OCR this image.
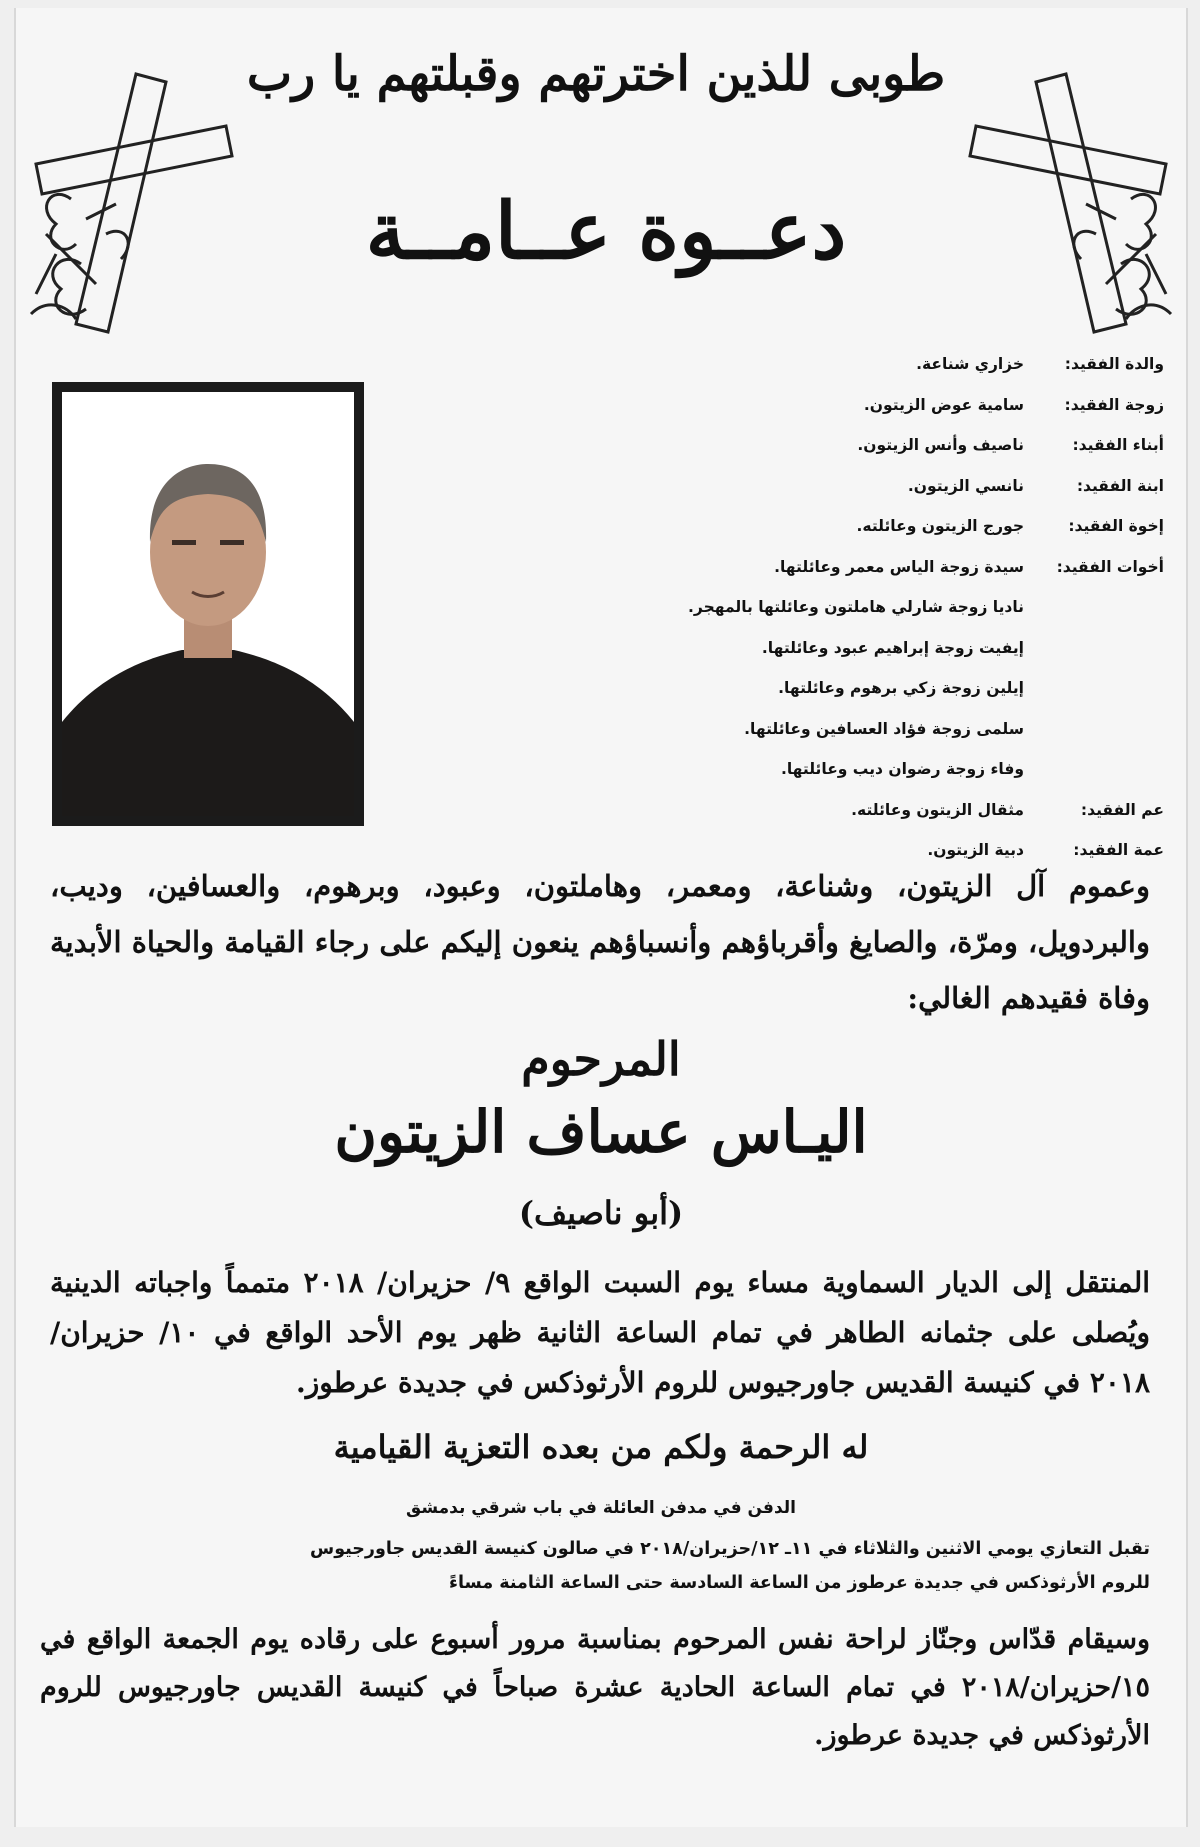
طوبى للذين اخترتهم وقبلتهم يا رب
دعــوة عــامــة
والدة الفقيد:
خزاري شناعة.
زوجة الفقيد:
سامية عوض الزيتون.
أبناء الفقيد:
ناصيف وأنس الزيتون.
ابنة الفقيد:
نانسي الزيتون.
إخوة الفقيد:
جورج الزيتون وعائلته.
أخوات الفقيد:
سيدة زوجة الياس معمر وعائلتها.
ناديا زوجة شارلي هاملتون وعائلتها بالمهجر.
إيفيت زوجة إبراهيم عبود وعائلتها.
إيلين زوجة زكي برهوم وعائلتها.
سلمى زوجة فؤاد العسافين وعائلتها.
وفاء زوجة رضوان ديب وعائلتها.
عم الفقيد:
مثقال الزيتون وعائلته.
عمة الفقيد:
دبية الزيتون.
وعموم آل الزيتون، وشناعة، ومعمر، وهاملتون، وعبود، وبرهوم، والعسافين، وديب، والبردويل، ومرّة، والصايغ وأقرباؤهم وأنسباؤهم ينعون إليكم على رجاء القيامة والحياة الأبدية وفاة فقيدهم الغالي:
المرحوم
اليـاس عساف الزيتون
(أبو ناصيف)
المنتقل إلى الديار السماوية مساء يوم السبت الواقع ٩/ حزيران/ ٢٠١٨ متمماً واجباته الدينية ويُصلى على جثمانه الطاهر في تمام الساعة الثانية ظهر يوم الأحد الواقع في ١٠/ حزيران/ ٢٠١٨ في كنيسة القديس جاورجيوس للروم الأرثوذكس في جديدة عرطوز.
له الرحمة ولكم من بعده التعزية القيامية
الدفن في مدفن العائلة في باب شرقي بدمشق
تقبل التعازي يومي الاثنين والثلاثاء في ١١ـ ١٢/حزيران/٢٠١٨ في صالون كنيسة القديس جاورجيوس
للروم الأرثوذكس في جديدة عرطوز من الساعة السادسة حتى الساعة الثامنة مساءً
وسيقام قدّاس وجنّاز لراحة نفس المرحوم بمناسبة مرور أسبوع على رقاده يوم الجمعة الواقع في ١٥/حزيران/٢٠١٨ في تمام الساعة الحادية عشرة صباحاً في كنيسة القديس جاورجيوس للروم الأرثوذكس في جديدة عرطوز.
